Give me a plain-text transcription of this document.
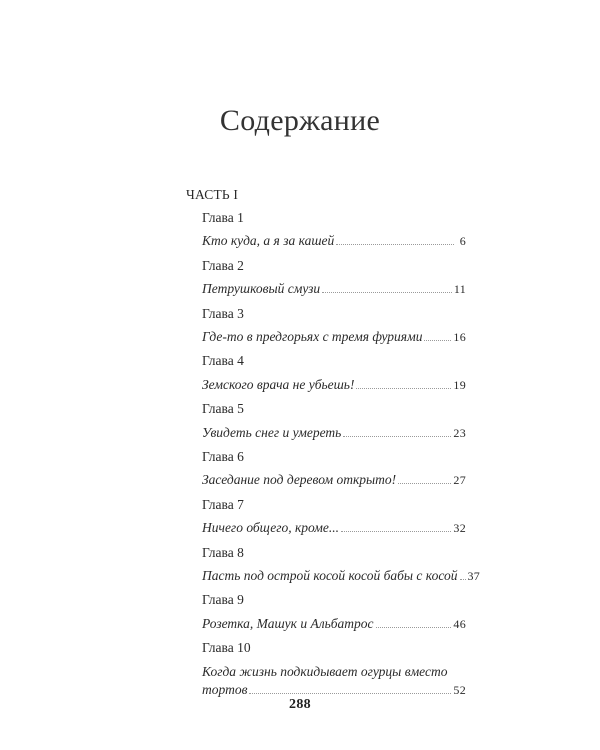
Содержание
ЧАСТЬ I
Глава 1
Кто куда, а я за кашей	6
Глава 2
Петрушковый смузи	11
Глава 3
Где-то в предгорьях с тремя фуриями	16
Глава 4
Земского врача не убьешь!	19
Глава 5
Увидеть снег и умереть	23
Глава 6
Заседание под деревом открыто!	27
Глава 7
Ничего общего, кроме...	32
Глава 8
Пасть под острой косой косой бабы с косой 37
Глава 9
Розетка, Машук и Альбатрос	46
Глава 10
Когда жизнь подкидывает огурцы вместо
тортов	52
288
